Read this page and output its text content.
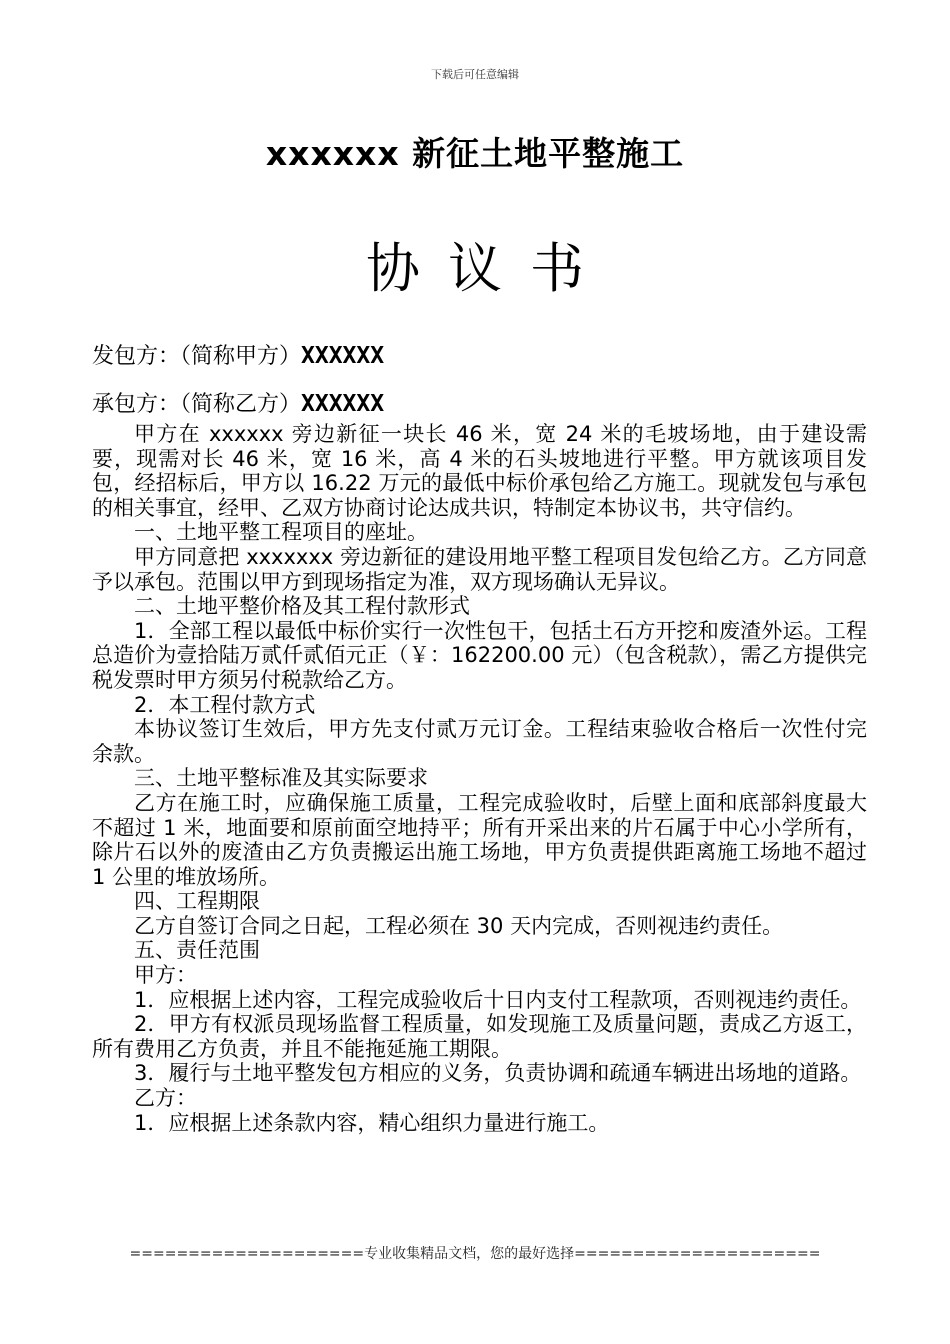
下载后可任意编辑
xxxxxx 新征土地平整施工
协议书
发包方：（简称甲方）XXXXXX
承包方：（简称乙方）XXXXXX

甲方在 xxxxxx 旁边新征一块长 46 米，宽 24 米的毛坡场地，由于建设需要，现需对长 46 米，宽 16 米，高 4 米的石头坡地进行平整。甲方就该项目发包，经招标后，甲方以 16.22 万元的最低中标价承包给乙方施工。现就发包与承包的相关事宜，经甲、乙双方协商讨论达成共识，特制定本协议书，共守信约。

一、土地平整工程项目的座址。

甲方同意把 xxxxxxx 旁边新征的建设用地平整工程项目发包给乙方。乙方同意予以承包。范围以甲方到现场指定为准，双方现场确认无异议。

二、土地平整价格及其工程付款形式

1．全部工程以最低中标价实行一次性包干，包括土石方开挖和废渣外运。工程总造价为壹拾陆万贰仟贰佰元正（￥：162200.00 元）（包含税款），需乙方提供完税发票时甲方须另付税款给乙方。

2．本工程付款方式

本协议签订生效后，甲方先支付贰万元订金。工程结束验收合格后一次性付完余款。

三、土地平整标准及其实际要求

乙方在施工时，应确保施工质量，工程完成验收时，后壁上面和底部斜度最大不超过 1 米，地面要和原前面空地持平；所有开采出来的片石属于中心小学所有，除片石以外的废渣由乙方负责搬运出施工场地，甲方负责提供距离施工场地不超过 1 公里的堆放场所。

四、工程期限

乙方自签订合同之日起，工程必须在 30 天内完成，否则视违约责任。

五、责任范围

甲方：

1．应根据上述内容，工程完成验收后十日内支付工程款项，否则视违约责任。

2．甲方有权派员现场监督工程质量，如发现施工及质量问题，责成乙方返工，所有费用乙方负责，并且不能拖延施工期限。

3．履行与土地平整发包方相应的义务，负责协调和疏通车辆进出场地的道路。

乙方：

1．应根据上述条款内容，精心组织力量进行施工。

====================专业收集精品文档，您的最好选择=====================
